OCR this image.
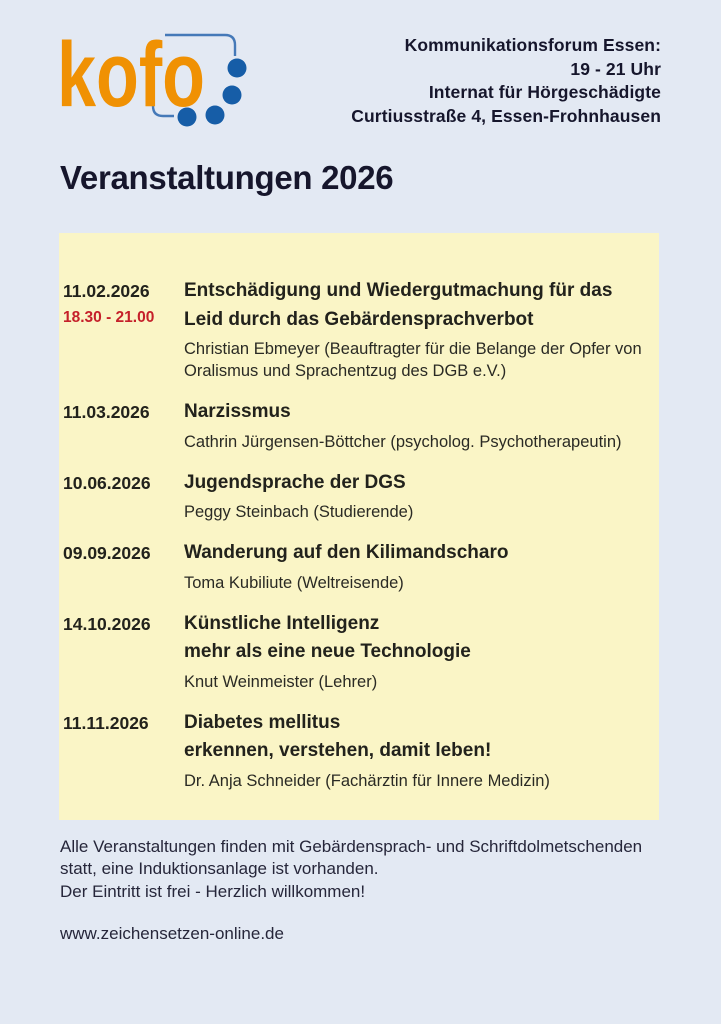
kofo	Kommunikationsforum Essen:
19 - 21 Uhr
Internat für Hörgeschädigte
Curtiusstraße 4, Essen-Frohnhausen
Veranstaltungen 2026
11.02.2026
18.30 - 21.00
Entschädigung und Wiedergutmachung für das
Leid durch das Gebärdensprachverbot
Christian Ebmeyer (Beauftragter für die Belange der Opfer von Oralismus und Sprachentzug des DGB e.V.)
11.03.2026	Narzissmus
Cathrin Jürgensen-Böttcher (psycholog. Psychotherapeutin)
10.06.2026	Jugendsprache der DGS
Peggy Steinbach (Studierende)
09.09.2026	Wanderung auf den Kilimandscharo
Toma Kubiliute (Weltreisende)
14.10.2026	Künstliche Intelligenz
mehr als eine neue Technologie
Knut Weinmeister (Lehrer)
11.11.2026	Diabetes mellitus
erkennen, verstehen, damit leben!
Dr. Anja Schneider (Fachärztin für Innere Medizin)
Alle Veranstaltungen finden mit Gebärdensprach- und Schriftdolmetschenden
statt, eine Induktionsanlage ist vorhanden.
Der Eintritt ist frei - Herzlich willkommen!
www.zeichensetzen-online.de
